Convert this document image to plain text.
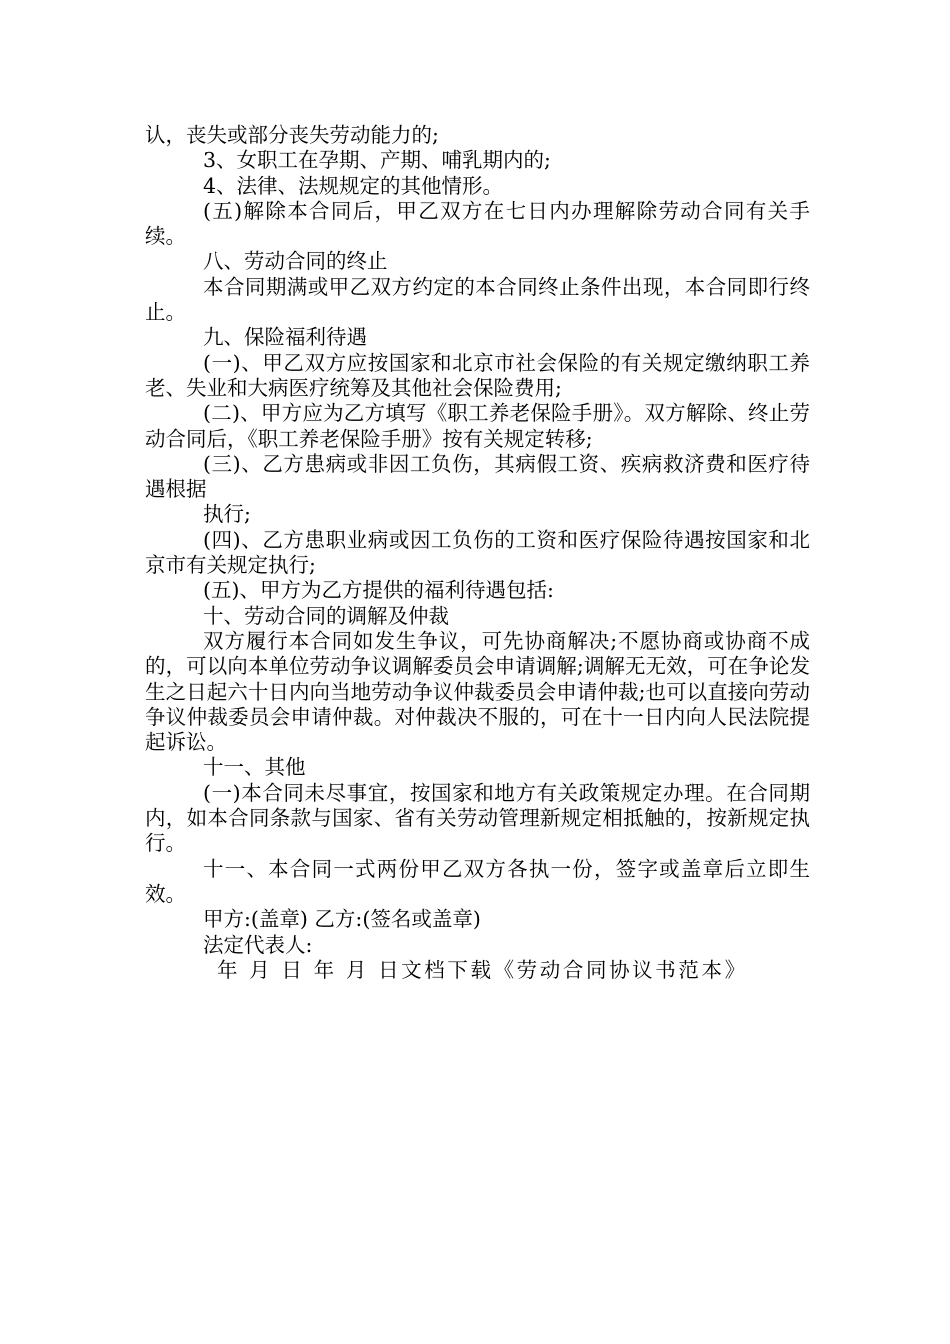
认，丧失或部分丧失劳动能力的;

3、女职工在孕期、产期、哺乳期内的;

4、法律、法规规定的其他情形。

(五)解除本合同后，甲乙双方在七日内办理解除劳动合同有关手续。

八、劳动合同的终止

本合同期满或甲乙双方约定的本合同终止条件出现，本合同即行终止。

九、保险福利待遇

(一)、甲乙双方应按国家和北京市社会保险的有关规定缴纳职工养老、失业和大病医疗统筹及其他社会保险费用;

(二)、甲方应为乙方填写《职工养老保险手册》。双方解除、终止劳动合同后，《职工养老保险手册》按有关规定转移;

(三)、乙方患病或非因工负伤，其病假工资、疾病救济费和医疗待遇根据

执行;

(四)、乙方患职业病或因工负伤的工资和医疗保险待遇按国家和北京市有关规定执行;

(五)、甲方为乙方提供的福利待遇包括:

十、劳动合同的调解及仲裁

双方履行本合同如发生争议，可先协商解决;不愿协商或协商不成的，可以向本单位劳动争议调解委员会申请调解;调解无无效，可在争论发生之日起六十日内向当地劳动争议仲裁委员会申请仲裁;也可以直接向劳动争议仲裁委员会申请仲裁。对仲裁决不服的，可在十一日内向人民法院提起诉讼。

十一、其他

(一)本合同未尽事宜，按国家和地方有关政策规定办理。在合同期内，如本合同条款与国家、省有关劳动管理新规定相抵触的，按新规定执行。

十一、本合同一式两份甲乙双方各执一份，签字或盖章后立即生效。

甲方:(盖章) 乙方:(签名或盖章)

法定代表人:

年 月 日 年 月 日文档下载《劳动合同协议书范本》
